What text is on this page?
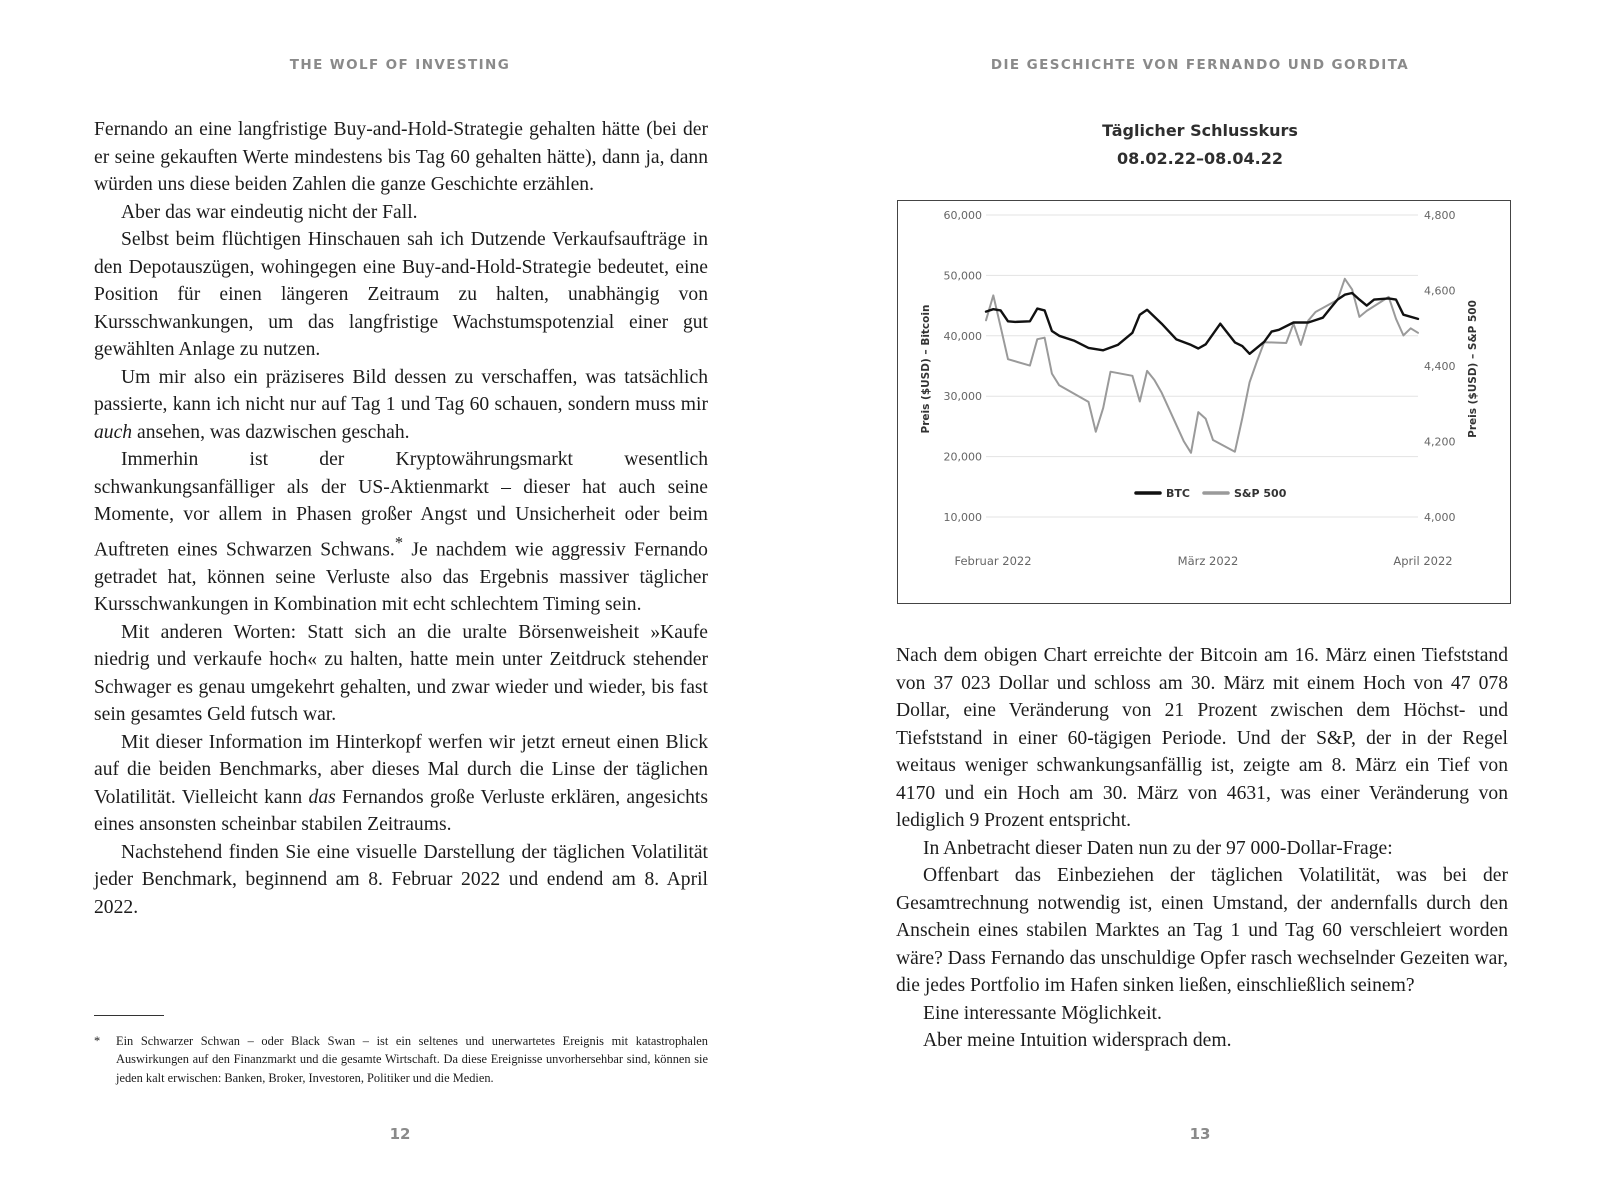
THE WOLF OF INVESTING

Fernando an eine langfristige Buy-and-Hold-Strategie gehalten hätte (bei der er seine gekauften Werte mindestens bis Tag 60 gehalten hätte), dann ja, dann würden uns diese beiden Zahlen die ganze Geschichte erzählen.

Aber das war eindeutig nicht der Fall.

Selbst beim flüchtigen Hinschauen sah ich Dutzende Verkaufsaufträge in den Depotauszügen, wohingegen eine Buy-and-Hold-Strategie bedeutet, eine Position für einen längeren Zeitraum zu halten, unabhängig von Kursschwankungen, um das langfristige Wachstumspotenzial einer gut gewählten Anlage zu nutzen.

Um mir also ein präziseres Bild dessen zu verschaffen, was tatsächlich passierte, kann ich nicht nur auf Tag 1 und Tag 60 schauen, sondern muss mir auch ansehen, was dazwischen geschah.

Immerhin ist der Kryptowährungsmarkt wesentlich schwankungsanfälliger als der US-Aktienmarkt – dieser hat auch seine Momente, vor allem in Phasen großer Angst und Unsicherheit oder beim Auftreten eines Schwarzen Schwans.* Je nachdem wie aggressiv Fernando getradet hat, können seine Verluste also das Ergebnis massiver täglicher Kursschwankungen in Kombination mit echt schlechtem Timing sein.

Mit anderen Worten: Statt sich an die uralte Börsenweisheit »Kaufe niedrig und verkaufe hoch« zu halten, hatte mein unter Zeitdruck stehender Schwager es genau umgekehrt gehalten, und zwar wieder und wieder, bis fast sein gesamtes Geld futsch war.

Mit dieser Information im Hinterkopf werfen wir jetzt erneut einen Blick auf die beiden Benchmarks, aber dieses Mal durch die Linse der täglichen Volatilität. Vielleicht kann das Fernandos große Verluste erklären, angesichts eines ansonsten scheinbar stabilen Zeitraums.

Nachstehend finden Sie eine visuelle Darstellung der täglichen Volatilität jeder Benchmark, beginnend am 8. Februar 2022 und endend am 8. April 2022.

* Ein Schwarzer Schwan – oder Black Swan – ist ein seltenes und unerwartetes Ereignis mit katastrophalen Auswirkungen auf den Finanzmarkt und die gesamte Wirtschaft. Da diese Ereignisse unvorhersehbar sind, können sie jeden kalt erwischen: Banken, Broker, Investoren, Politiker und die Medien.
12
DIE GESCHICHTE VON FERNANDO UND GORDITA
Täglicher Schlusskurs
08.02.22–08.04.22
60,000
50,000
40,000
30,000
20,000
10,000
4,800
4,600
4,400
4,200
4,000
Februar 2022	März 2022	April 2022
Preis ($USD) – Bitcoin	Preis ($USD) – S&P 500
BTC	S&P 500

Nach dem obigen Chart erreichte der Bitcoin am 16. März einen Tiefststand von 37 023 Dollar und schloss am 30. März mit einem Hoch von 47 078 Dollar, eine Veränderung von 21 Prozent zwischen dem Höchst- und Tiefststand in einer 60-tägigen Periode. Und der S&P, der in der Regel weitaus weniger schwankungsanfällig ist, zeigte am 8. März ein Tief von 4170 und ein Hoch am 30. März von 4631, was einer Veränderung von lediglich 9 Prozent entspricht.

In Anbetracht dieser Daten nun zu der 97 000-Dollar-Frage:

Offenbart das Einbeziehen der täglichen Volatilität, was bei der Gesamtrechnung notwendig ist, einen Umstand, der andernfalls durch den Anschein eines stabilen Marktes an Tag 1 und Tag 60 verschleiert worden wäre? Dass Fernando das unschuldige Opfer rasch wechselnder Gezeiten war, die jedes Portfolio im Hafen sinken ließen, einschließlich seinem?

Eine interessante Möglichkeit.

Aber meine Intuition widersprach dem.

13
